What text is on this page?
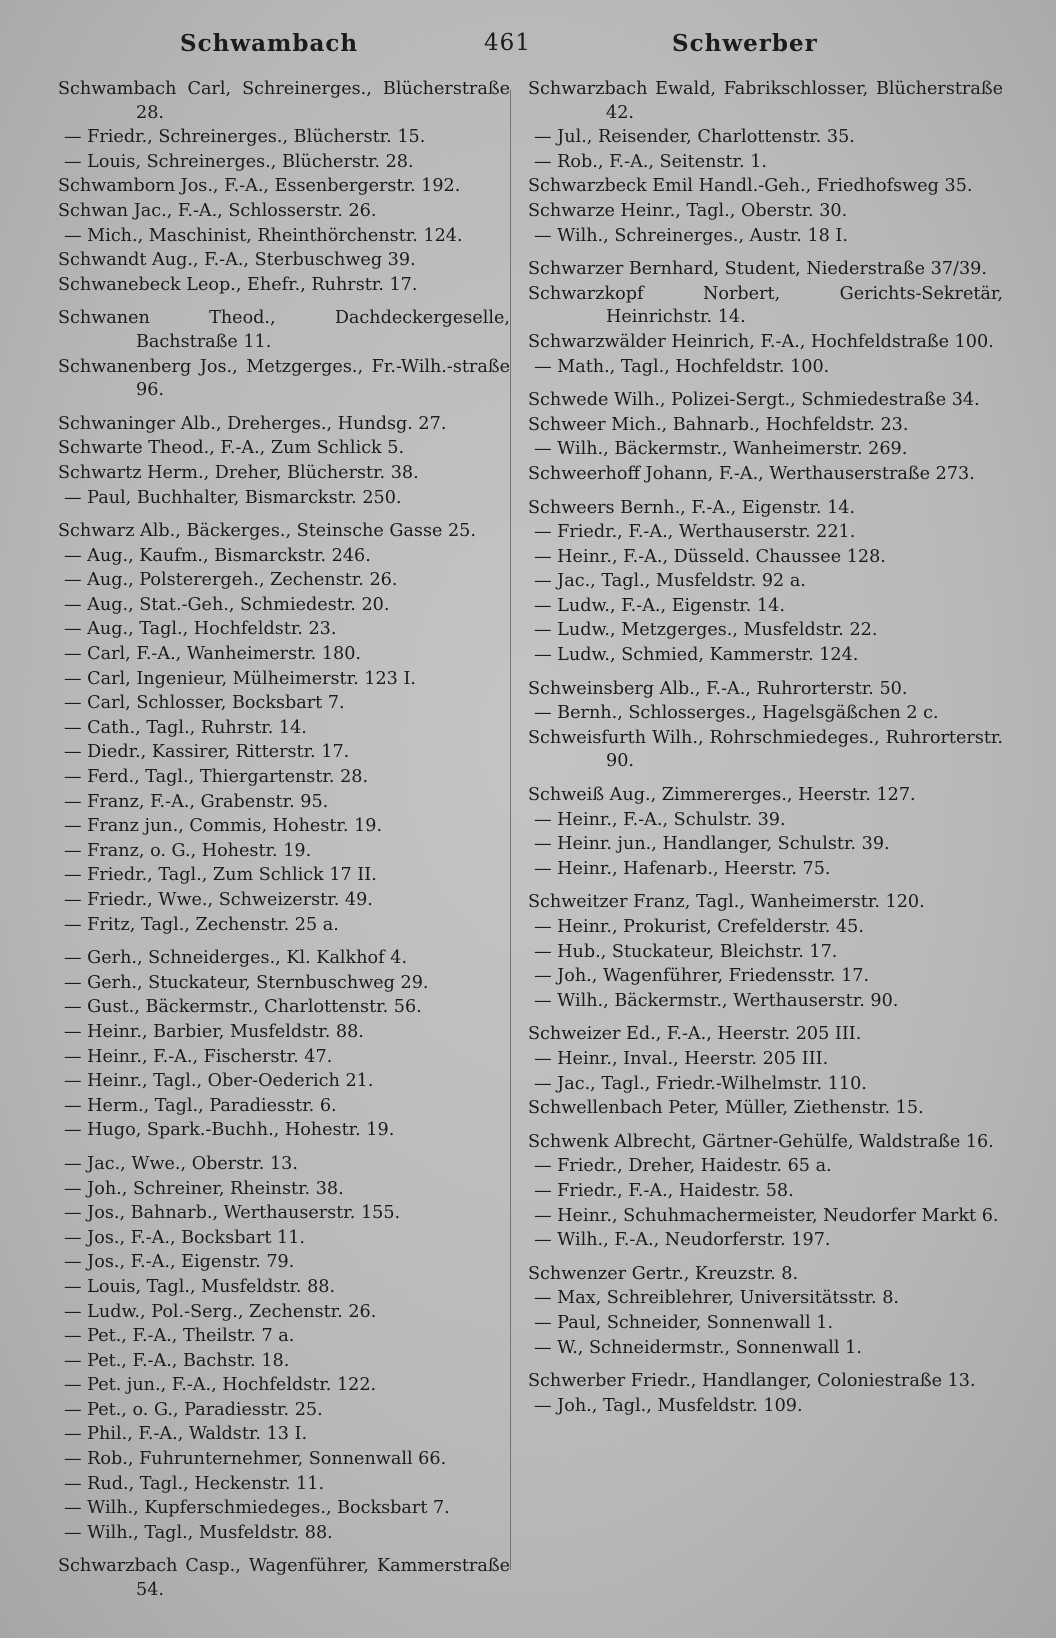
Schwambach	461	Schwerber
Schwambach Carl, Schreinerges., Blücherstraße 28.
— Friedr., Schreinerges., Blücherstr. 15.
— Louis, Schreinerges., Blücherstr. 28.
Schwamborn Jos., F.-A., Essenbergerstr. 192.
Schwan Jac., F.-A., Schlosserstr. 26.
— Mich., Maschinist, Rheinthörchenstr. 124.
Schwandt Aug., F.-A., Sterbuschweg 39.
Schwanebeck Leop., Ehefr., Ruhrstr. 17.
Schwanen Theod., Dachdeckergeselle, Bachstraße 11.
Schwanenberg Jos., Metzgerges., Fr.-Wilh.-straße 96.
Schwaninger Alb., Dreherges., Hundsg. 27.
Schwarte Theod., F.-A., Zum Schlick 5.
Schwartz Herm., Dreher, Blücherstr. 38.
— Paul, Buchhalter, Bismarckstr. 250.
Schwarz Alb., Bäckerges., Steinsche Gasse 25.
— Aug., Kaufm., Bismarckstr. 246.
— Aug., Polsterergeh., Zechenstr. 26.
— Aug., Stat.-Geh., Schmiedestr. 20.
— Aug., Tagl., Hochfeldstr. 23.
— Carl, F.-A., Wanheimerstr. 180.
— Carl, Ingenieur, Mülheimerstr. 123 I.
— Carl, Schlosser, Bocksbart 7.
— Cath., Tagl., Ruhrstr. 14.
— Diedr., Kassirer, Ritterstr. 17.
— Ferd., Tagl., Thiergartenstr. 28.
— Franz, F.-A., Grabenstr. 95.
— Franz jun., Commis, Hohestr. 19.
— Franz, o. G., Hohestr. 19.
— Friedr., Tagl., Zum Schlick 17 II.
— Friedr., Wwe., Schweizerstr. 49.
— Fritz, Tagl., Zechenstr. 25 a.
— Gerh., Schneiderges., Kl. Kalkhof 4.
— Gerh., Stuckateur, Sternbuschweg 29.
— Gust., Bäckermstr., Charlottenstr. 56.
— Heinr., Barbier, Musfeldstr. 88.
— Heinr., F.-A., Fischerstr. 47.
— Heinr., Tagl., Ober-Oederich 21.
— Herm., Tagl., Paradiesstr. 6.
— Hugo, Spark.-Buchh., Hohestr. 19.
— Jac., Wwe., Oberstr. 13.
— Joh., Schreiner, Rheinstr. 38.
— Jos., Bahnarb., Werthauserstr. 155.
— Jos., F.-A., Bocksbart 11.
— Jos., F.-A., Eigenstr. 79.
— Louis, Tagl., Musfeldstr. 88.
— Ludw., Pol.-Serg., Zechenstr. 26.
— Pet., F.-A., Theilstr. 7 a.
— Pet., F.-A., Bachstr. 18.
— Pet. jun., F.-A., Hochfeldstr. 122.
— Pet., o. G., Paradiesstr. 25.
— Phil., F.-A., Waldstr. 13 I.
— Rob., Fuhrunternehmer, Sonnenwall 66.
— Rud., Tagl., Heckenstr. 11.
— Wilh., Kupferschmiedeges., Bocksbart 7.
— Wilh., Tagl., Musfeldstr. 88.
Schwarzbach Casp., Wagenführer, Kammerstraße 54.
Schwarzbach Ewald, Fabrikschlosser, Blücherstraße 42.
— Jul., Reisender, Charlottenstr. 35.
— Rob., F.-A., Seitenstr. 1.
Schwarzbeck Emil Handl.-Geh., Friedhofsweg 35.
Schwarze Heinr., Tagl., Oberstr. 30.
— Wilh., Schreinerges., Austr. 18 I.
Schwarzer Bernhard, Student, Niederstraße 37/39.
Schwarzkopf Norbert, Gerichts-Sekretär, Heinrichstr. 14.
Schwarzwälder Heinrich, F.-A., Hochfeldstraße 100.
— Math., Tagl., Hochfeldstr. 100.
Schwede Wilh., Polizei-Sergt., Schmiedestraße 34.
Schweer Mich., Bahnarb., Hochfeldstr. 23.
— Wilh., Bäckermstr., Wanheimerstr. 269.
Schweerhoff Johann, F.-A., Werthauserstraße 273.
Schweers Bernh., F.-A., Eigenstr. 14.
— Friedr., F.-A., Werthauserstr. 221.
— Heinr., F.-A., Düsseld. Chaussee 128.
— Jac., Tagl., Musfeldstr. 92 a.
— Ludw., F.-A., Eigenstr. 14.
— Ludw., Metzgerges., Musfeldstr. 22.
— Ludw., Schmied, Kammerstr. 124.
Schweinsberg Alb., F.-A., Ruhrorterstr. 50.
— Bernh., Schlosserges., Hagelsgäßchen 2 c.
Schweisfurth Wilh., Rohrschmiedeges., Ruhrorterstr. 90.
Schweiß Aug., Zimmererges., Heerstr. 127.
— Heinr., F.-A., Schulstr. 39.
— Heinr. jun., Handlanger, Schulstr. 39.
— Heinr., Hafenarb., Heerstr. 75.
Schweitzer Franz, Tagl., Wanheimerstr. 120.
— Heinr., Prokurist, Crefelderstr. 45.
— Hub., Stuckateur, Bleichstr. 17.
— Joh., Wagenführer, Friedensstr. 17.
— Wilh., Bäckermstr., Werthauserstr. 90.
Schweizer Ed., F.-A., Heerstr. 205 III.
— Heinr., Inval., Heerstr. 205 III.
— Jac., Tagl., Friedr.-Wilhelmstr. 110.
Schwellenbach Peter, Müller, Ziethenstr. 15.
Schwenk Albrecht, Gärtner-Gehülfe, Waldstraße 16.
— Friedr., Dreher, Haidestr. 65 a.
— Friedr., F.-A., Haidestr. 58.
— Heinr., Schuhmachermeister, Neudorfer Markt 6.
— Wilh., F.-A., Neudorferstr. 197.
Schwenzer Gertr., Kreuzstr. 8.
— Max, Schreiblehrer, Universitätsstr. 8.
— Paul, Schneider, Sonnenwall 1.
— W., Schneidermstr., Sonnenwall 1.
Schwerber Friedr., Handlanger, Coloniestraße 13.
— Joh., Tagl., Musfeldstr. 109.
